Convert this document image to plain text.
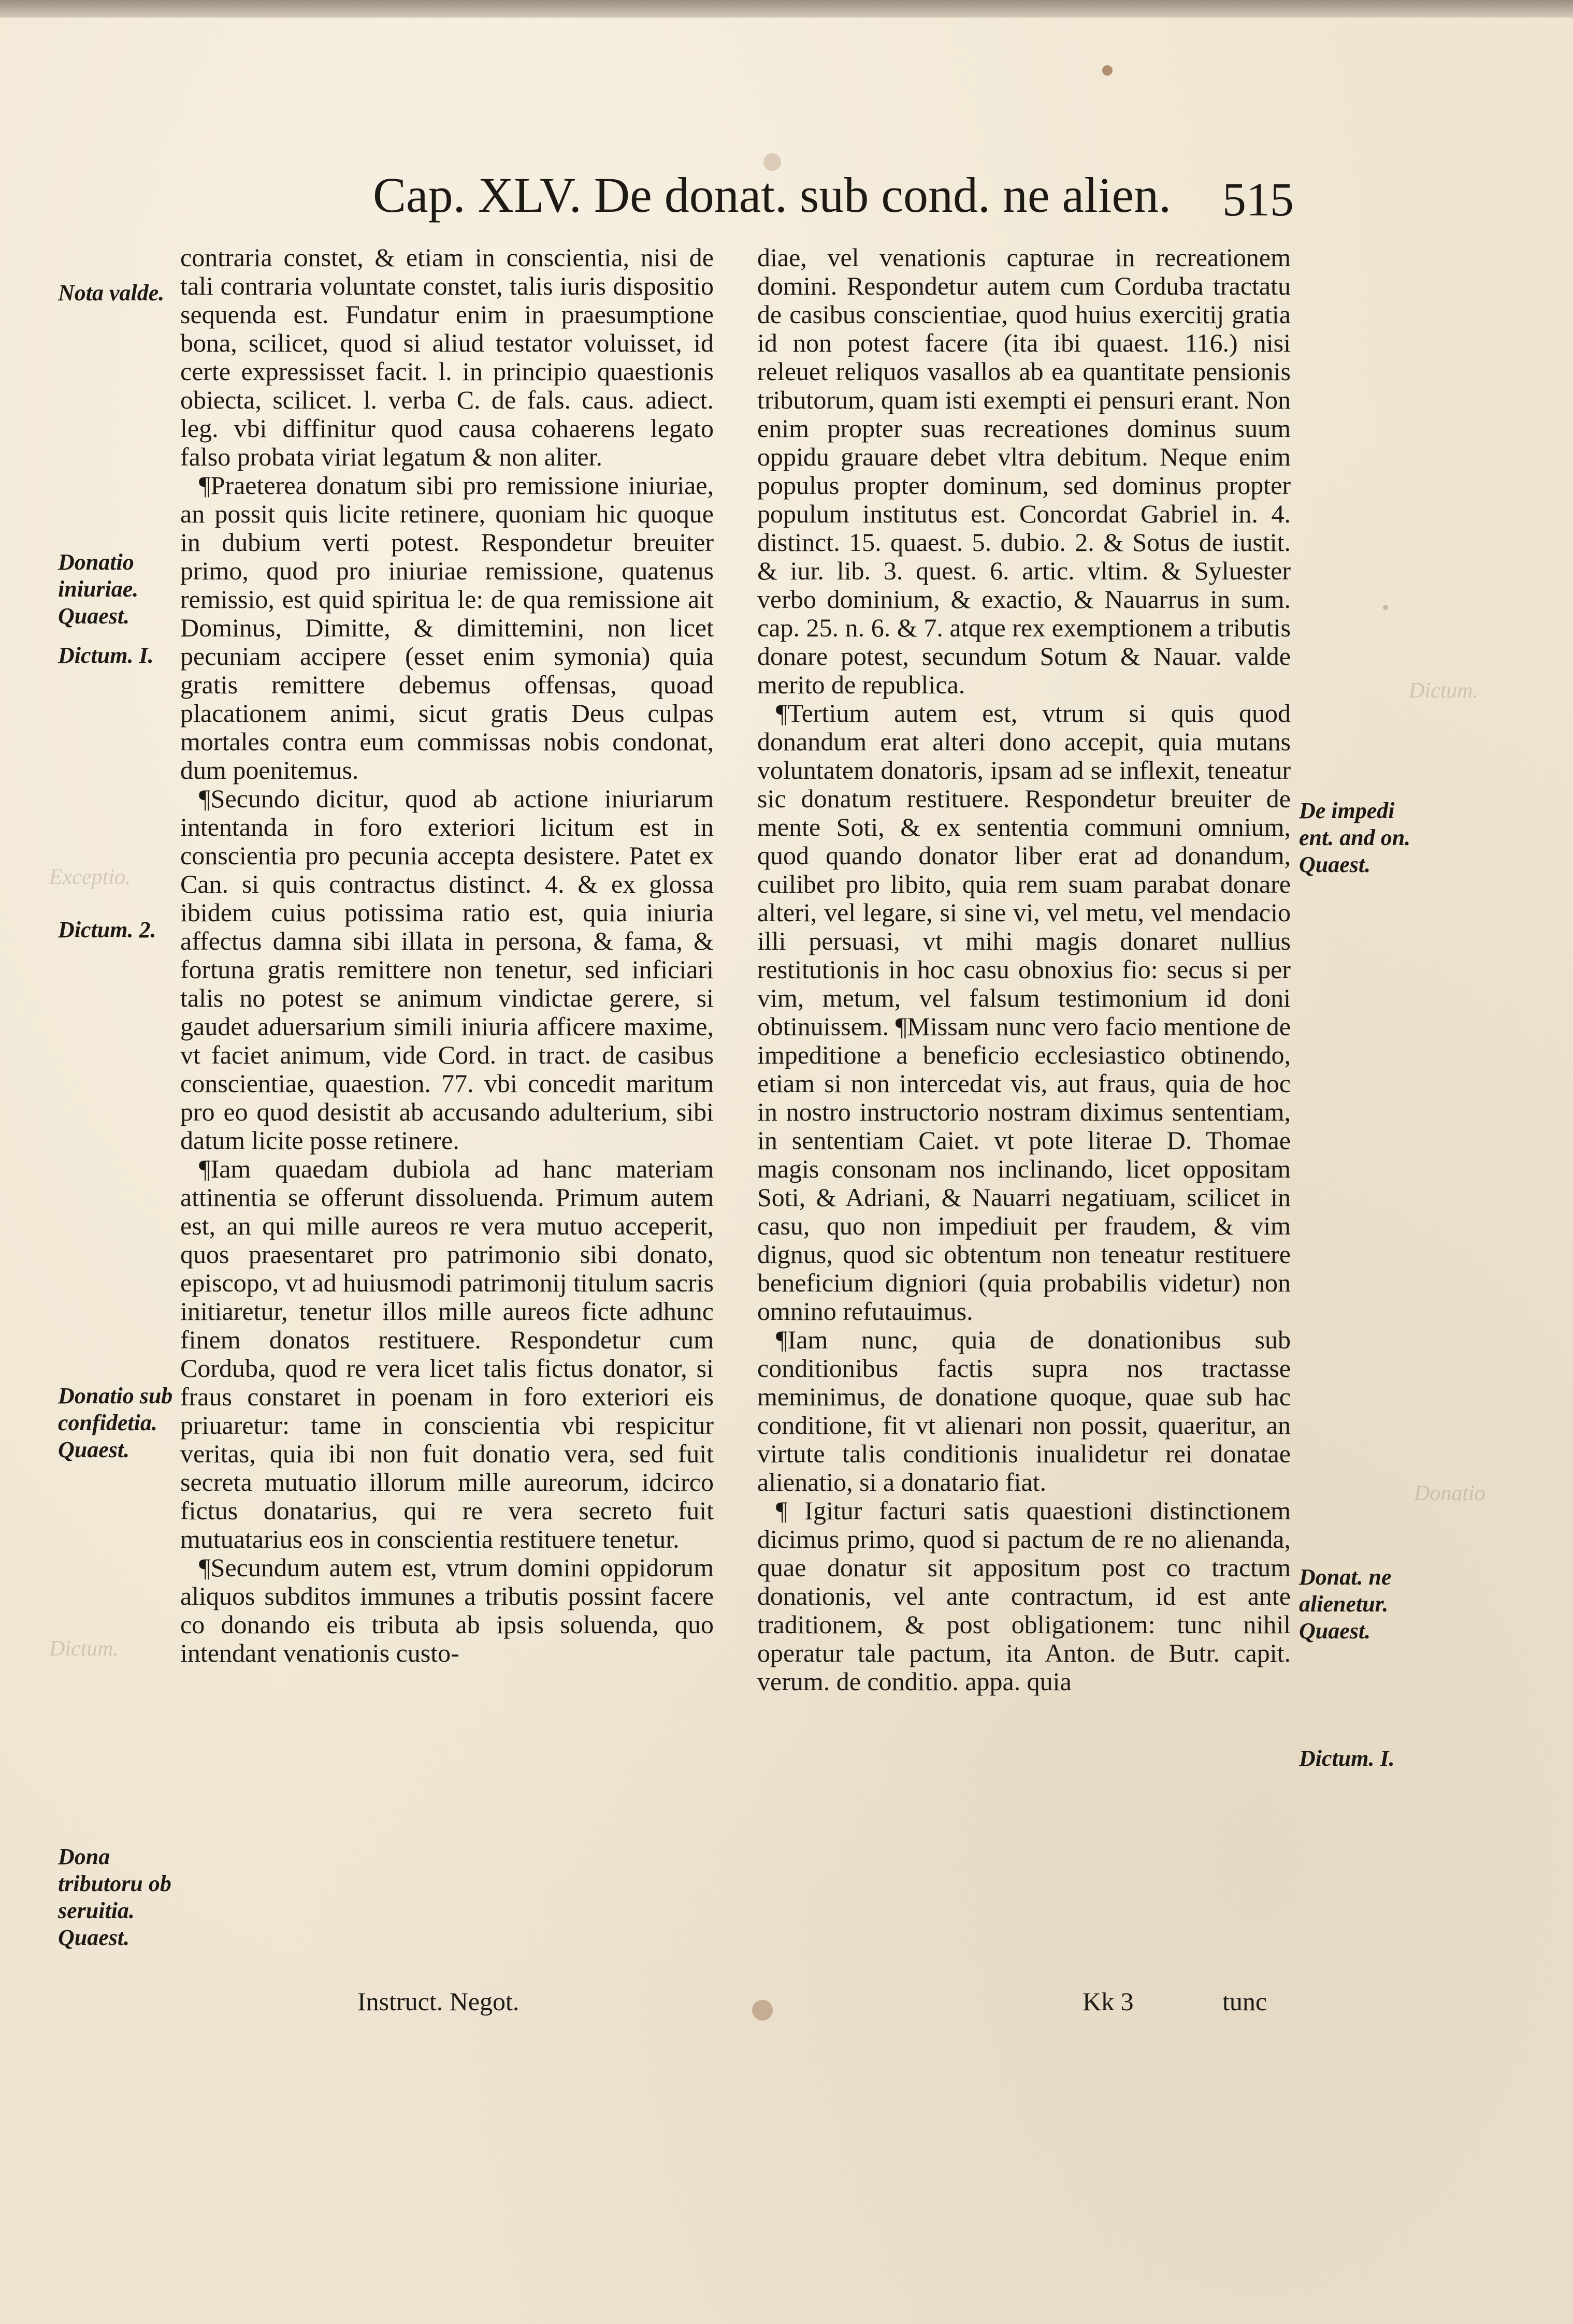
Cap. XLV. De donat. sub cond. ne alien.	515
Dictum.
Donatio
Exceptio.
Dictum.
Nota valde.
Donatio iniuriae. Quaest.
Dictum. I.
Dictum. 2.
Donatio sub confidetia. Quaest.
Dona tributoru ob seruitia. Quaest.
De impedi ent. and on. Quaest.
Donat. ne alienetur. Quaest.
Dictum. I.

contraria constet, & etiam in conscientia, nisi de tali contraria voluntate constet, talis iuris dispositio sequenda est. Fundatur enim in praesumptione bona, scilicet, quod si aliud testator voluisset, id certe expressisset facit. l. in principio quaestionis obiecta, scilicet. l. verba C. de fals. caus. adiect. leg. vbi diffinitur quod causa cohaerens legato falso probata viriat legatum & non aliter.

¶Praeterea donatum sibi pro remissione iniuriae, an possit quis licite retinere, quoniam hic quoque in dubium verti potest. Respondetur breuiter primo, quod pro iniuriae remissione, quatenus remissio, est quid spiritua le: de qua remissione ait Dominus, Dimitte, & dimittemini, non licet pecuniam accipere (esset enim symonia) quia gratis remittere debemus offensas, quoad placationem animi, sicut gratis Deus culpas mortales contra eum commissas nobis condonat, dum poenitemus.

¶Secundo dicitur, quod ab actione iniuriarum intentanda in foro exteriori licitum est in conscientia pro pecunia accepta desistere. Patet ex Can. si quis contractus distinct. 4. & ex glossa ibidem cuius potissima ratio est, quia iniuria affectus damna sibi illata in persona, & fama, & fortuna gratis remittere non tenetur, sed inficiari talis no potest se animum vindictae gerere, si gaudet aduersarium simili iniuria afficere maxime, vt faciet animum, vide Cord. in tract. de casibus conscientiae, quaestion. 77. vbi concedit maritum pro eo quod desistit ab accusando adulterium, sibi datum licite posse retinere.

¶Iam quaedam dubiola ad hanc materiam attinentia se offerunt dissoluenda. Primum autem est, an qui mille aureos re vera mutuo acceperit, quos praesentaret pro patrimonio sibi donato, episcopo, vt ad huiusmodi patrimonij titulum sacris initiaretur, tenetur illos mille aureos ficte adhunc finem donatos restituere. Respondetur cum Corduba, quod re vera licet talis fictus donator, si fraus constaret in poenam in foro exteriori eis priuaretur: tame in conscientia vbi respicitur veritas, quia ibi non fuit donatio vera, sed fuit secreta mutuatio illorum mille aureorum, idcirco fictus donatarius, qui re vera secreto fuit mutuatarius eos in conscientia restituere tenetur.

¶Secundum autem est, vtrum domini oppidorum aliquos subditos immunes a tributis possint facere co donando eis tributa ab ipsis soluenda, quo intendant venationis custo-

diae, vel venationis capturae in recreationem domini. Respondetur autem cum Corduba tractatu de casibus conscientiae, quod huius exercitij gratia id non potest facere (ita ibi quaest. 116.) nisi releuet reliquos vasallos ab ea quantitate pensionis tributorum, quam isti exempti ei pensuri erant. Non enim propter suas recreationes dominus suum oppidu grauare debet vltra debitum. Neque enim populus propter dominum, sed dominus propter populum institutus est. Concordat Gabriel in. 4. distinct. 15. quaest. 5. dubio. 2. & Sotus de iustit. & iur. lib. 3. quest. 6. artic. vltim. & Syluester verbo dominium, & exactio, & Nauarrus in sum. cap. 25. n. 6. & 7. atque rex exemptionem a tributis donare potest, secundum Sotum & Nauar. valde merito de republica.

¶Tertium autem est, vtrum si quis quod donandum erat alteri dono accepit, quia mutans voluntatem donatoris, ipsam ad se inflexit, teneatur sic donatum restituere. Respondetur breuiter de mente Soti, & ex sententia communi omnium, quod quando donator liber erat ad donandum, cuilibet pro libito, quia rem suam parabat donare alteri, vel legare, si sine vi, vel metu, vel mendacio illi persuasi, vt mihi magis donaret nullius restitutionis in hoc casu obnoxius fio: secus si per vim, metum, vel falsum testimonium id doni obtinuissem. ¶Missam nunc vero facio mentione de impeditione a beneficio ecclesiastico obtinendo, etiam si non intercedat vis, aut fraus, quia de hoc in nostro instructorio nostram diximus sententiam, in sententiam Caiet. vt pote literae D. Thomae magis consonam nos inclinando, licet oppositam Soti, & Adriani, & Nauarri negatiuam, scilicet in casu, quo non impediuit per fraudem, & vim dignus, quod sic obtentum non teneatur restituere beneficium digniori (quia probabilis videtur) non omnino refutauimus.

¶Iam nunc, quia de donationibus sub conditionibus factis supra nos tractasse meminimus, de donatione quoque, quae sub hac conditione, fit vt alienari non possit, quaeritur, an virtute talis conditionis inualidetur rei donatae alienatio, si a donatario fiat.

¶ Igitur facturi satis quaestioni distinctionem dicimus primo, quod si pactum de re no alienanda, quae donatur sit appositum post co tractum donationis, vel ante contractum, id est ante traditionem, & post obligationem: tunc nihil operatur tale pactum, ita Anton. de Butr. capit. verum. de conditio. appa. quia

Instruct. Negot.	Kk 3	tunc
